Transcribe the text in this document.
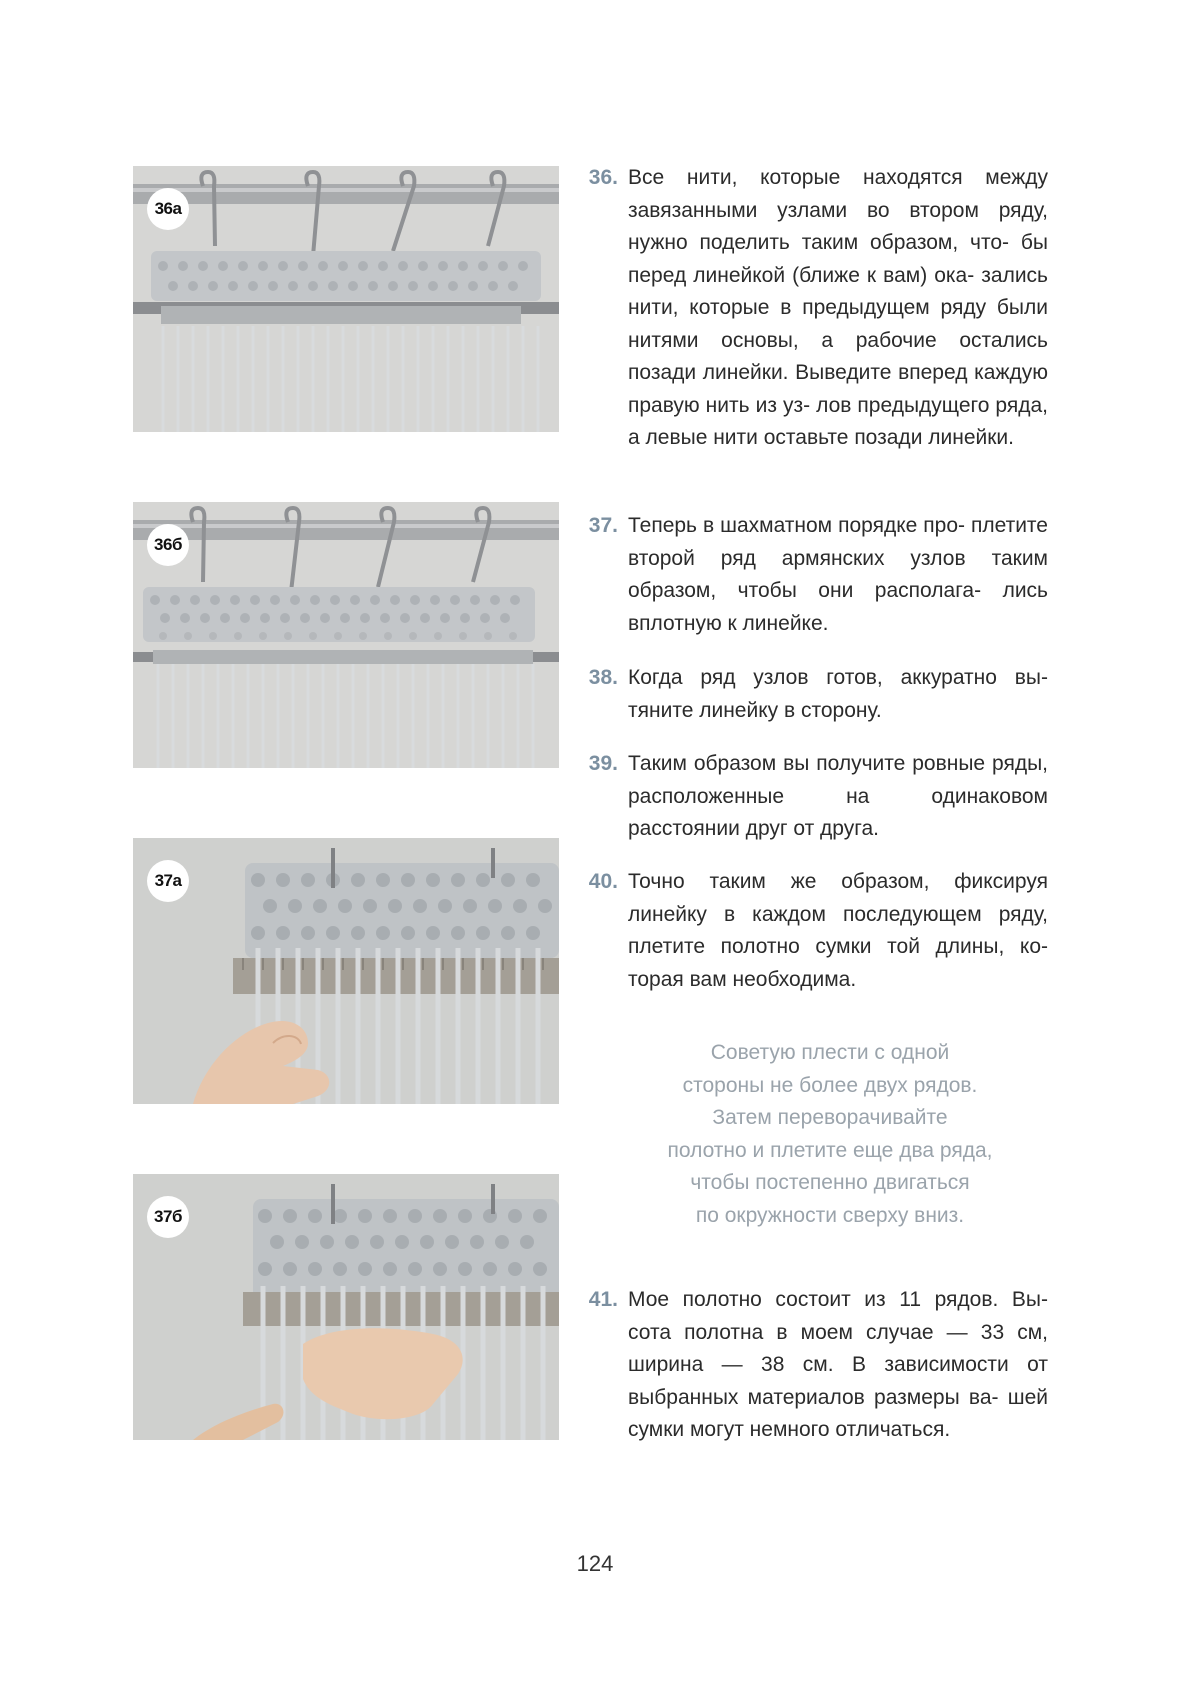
36а
36б
37а
37б
36. Все нити, которые находятся между завязанными узлами во втором ряду, нужно поделить таким образом, что- бы перед линейкой (ближе к вам) ока- зались нити, которые в предыдущем ряду были нитями основы, а рабочие остались позади линейки. Выведите вперед каждую правую нить из уз- лов предыдущего ряда, а левые нити оставьте позади линейки.
37. Теперь в шахматном порядке про- плетите второй ряд армянских узлов таким образом, чтобы они располага- лись вплотную к линейке.
38. Когда ряд узлов готов, аккуратно вы- тяните линейку в сторону.
39. Таким образом вы получите ровные ряды, расположенные на одинаковом расстоянии друг от друга.
40. Точно таким же образом, фиксируя линейку в каждом последующем ряду, плетите полотно сумки той длины, ко- торая вам необходима.
Советую плести с одной
стороны не более двух рядов.
Затем переворачивайте
полотно и плетите еще два ряда,
чтобы постепенно двигаться
по окружности сверху вниз.
41. Мое полотно состоит из 11 рядов. Вы- сота полотна в моем случае — 33 см, ширина — 38 см. В зависимости от выбранных материалов размеры ва- шей сумки могут немного отличаться.
124
